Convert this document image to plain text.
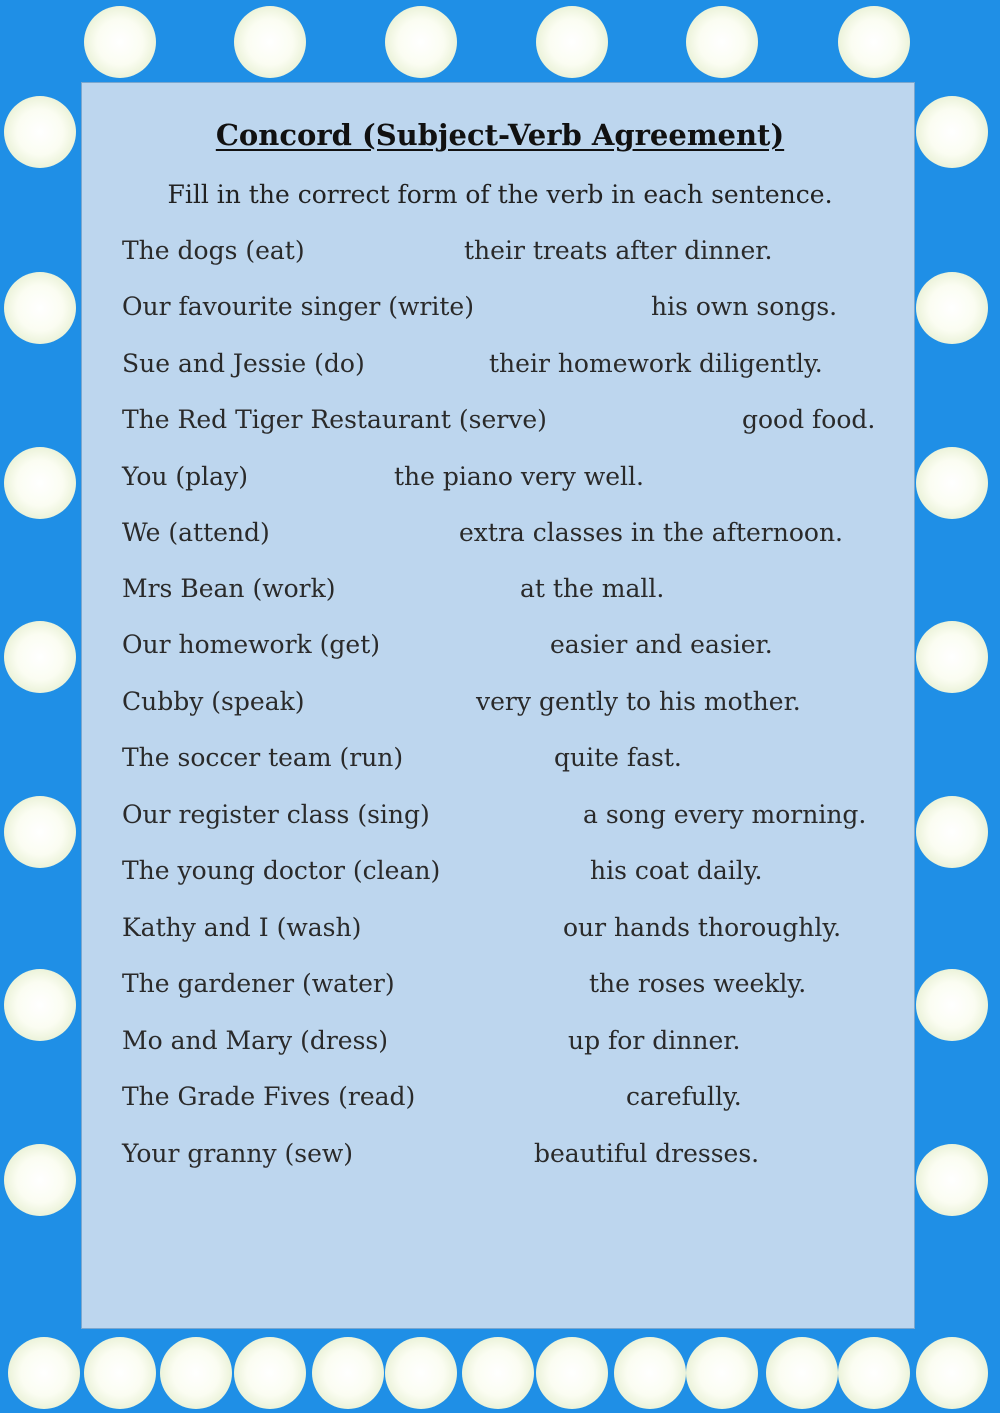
Concord (Subject-Verb Agreement)

Fill in the correct form of the verb in each sentence.

The dogs (eat)	their treats after dinner.
Our favourite singer (write)	his own songs.
Sue and Jessie (do)	their homework diligently.
The Red Tiger Restaurant (serve)	good food.
You (play)	the piano very well.
We (attend)	extra classes in the afternoon.
Mrs Bean (work)	at the mall.
Our homework (get)	easier and easier.
Cubby (speak)	very gently to his mother.
The soccer team (run)	quite fast.
Our register class (sing)	a song every morning.
The young doctor (clean)	his coat daily.
Kathy and I (wash)	our hands thoroughly.
The gardener (water)	the roses weekly.
Mo and Mary (dress)	up for dinner.
The Grade Fives (read)	carefully.
Your granny (sew)	beautiful dresses.
